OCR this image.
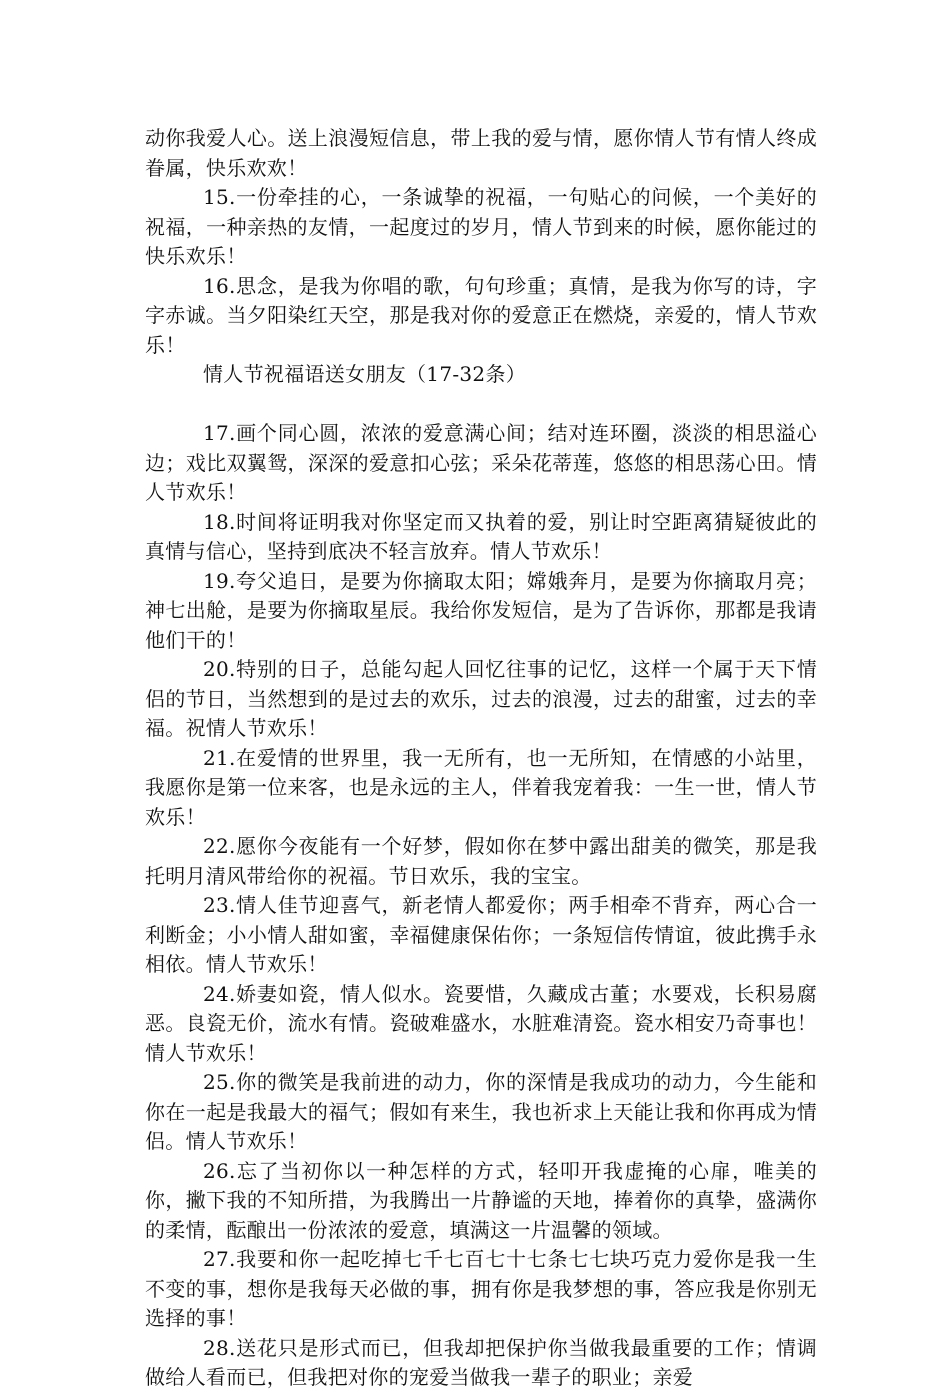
动你我爱人心。送上浪漫短信息，带上我的爱与情，愿你情人节有情人终成眷属，快乐欢欢！

15.一份牵挂的心，一条诚挚的祝福，一句贴心的问候，一个美好的祝福，一种亲热的友情，一起度过的岁月，情人节到来的时候，愿你能过的快乐欢乐！

16.思念，是我为你唱的歌，句句珍重；真情，是我为你写的诗，字字赤诚。当夕阳染红天空，那是我对你的爱意正在燃烧，亲爱的，情人节欢乐！

情人节祝福语送女朋友（17-32条）

17.画个同心圆，浓浓的爱意满心间；结对连环圈，淡淡的相思溢心边；戏比双翼鸳，深深的爱意扣心弦；采朵花蒂莲，悠悠的相思荡心田。情人节欢乐！

18.时间将证明我对你坚定而又执着的爱，别让时空距离猜疑彼此的真情与信心，坚持到底决不轻言放弃。情人节欢乐！

19.夸父追日，是要为你摘取太阳；嫦娥奔月，是要为你摘取月亮；神七出舱，是要为你摘取星辰。我给你发短信，是为了告诉你，那都是我请他们干的！

20.特别的日子，总能勾起人回忆往事的记忆，这样一个属于天下情侣的节日，当然想到的是过去的欢乐，过去的浪漫，过去的甜蜜，过去的幸福。祝情人节欢乐！

21.在爱情的世界里，我一无所有，也一无所知，在情感的小站里，我愿你是第一位来客，也是永远的主人，伴着我宠着我：一生一世，情人节欢乐！

22.愿你今夜能有一个好梦，假如你在梦中露出甜美的微笑，那是我托明月清风带给你的祝福。节日欢乐，我的宝宝。

23.情人佳节迎喜气，新老情人都爱你；两手相牵不背弃，两心合一利断金；小小情人甜如蜜，幸福健康保佑你；一条短信传情谊，彼此携手永相依。情人节欢乐！

24.娇妻如瓷，情人似水。瓷要惜，久藏成古董；水要戏，长积易腐恶。良瓷无价，流水有情。瓷破难盛水，水脏难清瓷。瓷水相安乃奇事也！情人节欢乐！

25.你的微笑是我前进的动力，你的深情是我成功的动力，今生能和你在一起是我最大的福气；假如有来生，我也祈求上天能让我和你再成为情侣。情人节欢乐！

26.忘了当初你以一种怎样的方式，轻叩开我虚掩的心扉，唯美的你，撇下我的不知所措，为我腾出一片静谧的天地，捧着你的真挚，盛满你的柔情，酝酿出一份浓浓的爱意，填满这一片温馨的领域。

27.我要和你一起吃掉七千七百七十七条七七块巧克力爱你是我一生不变的事，想你是我每天必做的事，拥有你是我梦想的事，答应我是你别无选择的事！

28.送花只是形式而已，但我却把保护你当做我最重要的工作；情调做给人看而已，但我把对你的宠爱当做我一辈子的职业；亲爱
